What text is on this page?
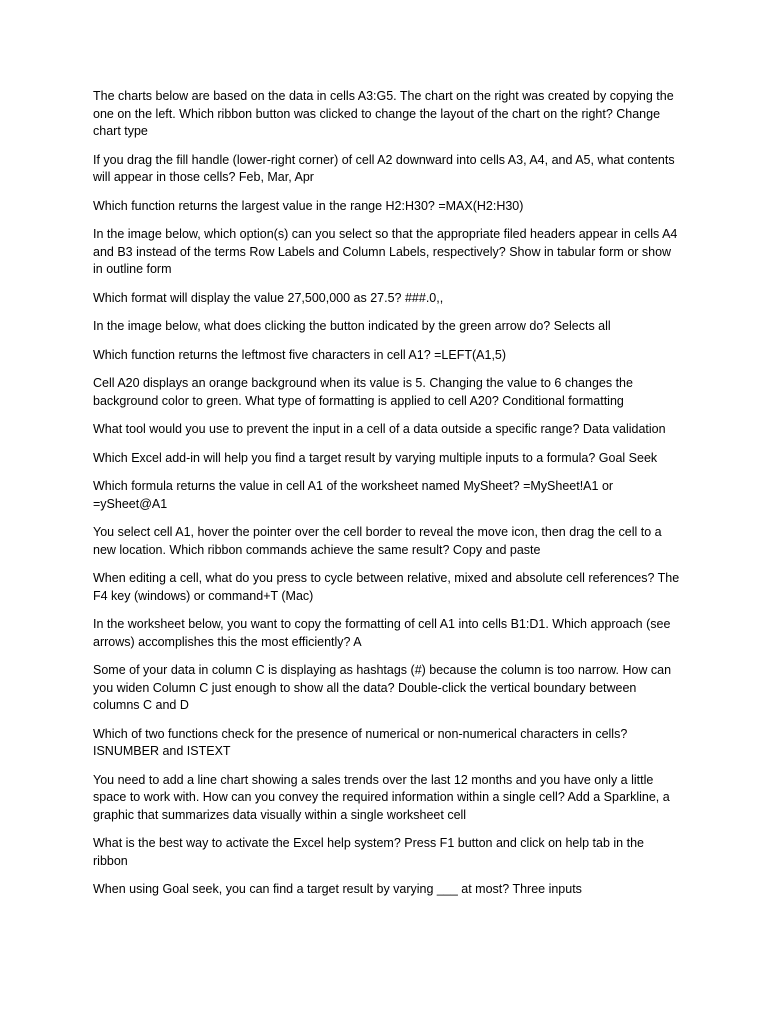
The charts below are based on the data in cells A3:G5. The chart on the right was created by copying the one on the left. Which ribbon button was clicked to change the layout of the chart on the right? Change chart type

If you drag the fill handle (lower-right corner) of cell A2 downward into cells A3, A4, and A5, what contents will appear in those cells? Feb, Mar, Apr

Which function returns the largest value in the range H2:H30? =MAX(H2:H30)

In the image below, which option(s) can you select so that the appropriate filed headers appear in cells A4 and B3 instead of the terms Row Labels and Column Labels, respectively? Show in tabular form or show in outline form

Which format will display the value 27,500,000 as 27.5? ###.0,,

In the image below, what does clicking the button indicated by the green arrow do? Selects all

Which function returns the leftmost five characters in cell A1? =LEFT(A1,5)

Cell A20 displays an orange background when its value is 5. Changing the value to 6 changes the background color to green. What type of formatting is applied to cell A20? Conditional formatting

What tool would you use to prevent the input in a cell of a data outside a specific range? Data validation

Which Excel add-in will help you find a target result by varying multiple inputs to a formula? Goal Seek

Which formula returns the value in cell A1 of the worksheet named MySheet? =MySheet!A1 or =ySheet@A1

You select cell A1, hover the pointer over the cell border to reveal the move icon, then drag the cell to a new location. Which ribbon commands achieve the same result? Copy and paste

When editing a cell, what do you press to cycle between relative, mixed and absolute cell references? The F4 key (windows) or command+T (Mac)

In the worksheet below, you want to copy the formatting of cell A1 into cells B1:D1. Which approach (see arrows) accomplishes this the most efficiently? A

Some of your data in column C is displaying as hashtags (#) because the column is too narrow. How can you widen Column C just enough to show all the data? Double-click the vertical boundary between columns C and D

Which of two functions check for the presence of numerical or non-numerical characters in cells? ISNUMBER and ISTEXT

You need to add a line chart showing a sales trends over the last 12 months and you have only a little space to work with. How can you convey the required information within a single cell? Add a Sparkline, a graphic that summarizes data visually within a single worksheet cell

What is the best way to activate the Excel help system? Press F1 button and click on help tab in the ribbon

When using Goal seek, you can find a target result by varying ___ at most? Three inputs
